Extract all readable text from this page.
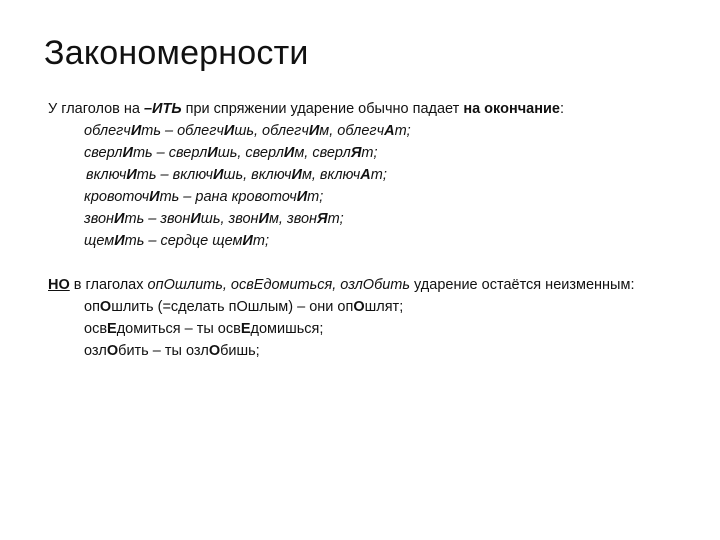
Закономерности

У глаголов на –ИТЬ при спряжении ударение обычно падает на окончание:

облегчИть – облегчИшь, облегчИм, облегчАт;
сверлИть – сверлИшь, сверлИм, сверлЯт;
включИть – включИшь, включИм, включАт;
кровоточИть – рана кровоточИт;
звонИть – звонИшь, звонИм, звонЯт;
щемИть – сердце щемИт;

НО в глаголах опОшлить, освЕдомиться, озлОбить ударение остаётся неизменным:

опОшлить (=сделать пОшлым) – они опОшлят;
освЕдомиться – ты освЕдомишься;
озлОбить – ты озлОбишь;
